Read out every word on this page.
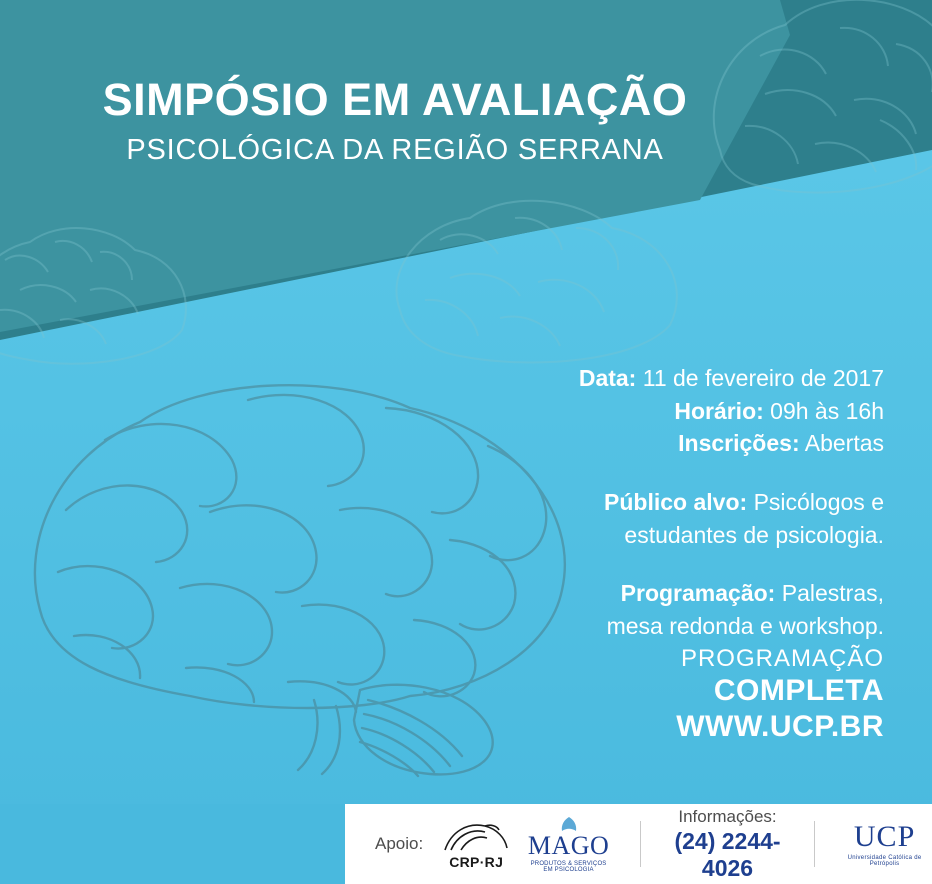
SIMPÓSIO EM AVALIAÇÃO
PSICOLÓGICA DA REGIÃO SERRANA

Data: 11 de fevereiro de 2017

Horário: 09h às 16h

Inscrições: Abertas

Público alvo: Psicólogos e

estudantes de psicologia.

Programação: Palestras,

mesa redonda e workshop.

PROGRAMAÇÃO
COMPLETA
WWW.UCP.BR
Apoio:
CRP·RJ
MAGO
PRODUTOS & SERVIÇOS
EM PSICOLOGIA
Informações:
(24) 2244-4026
UCP
Universidade Católica de Petrópolis
